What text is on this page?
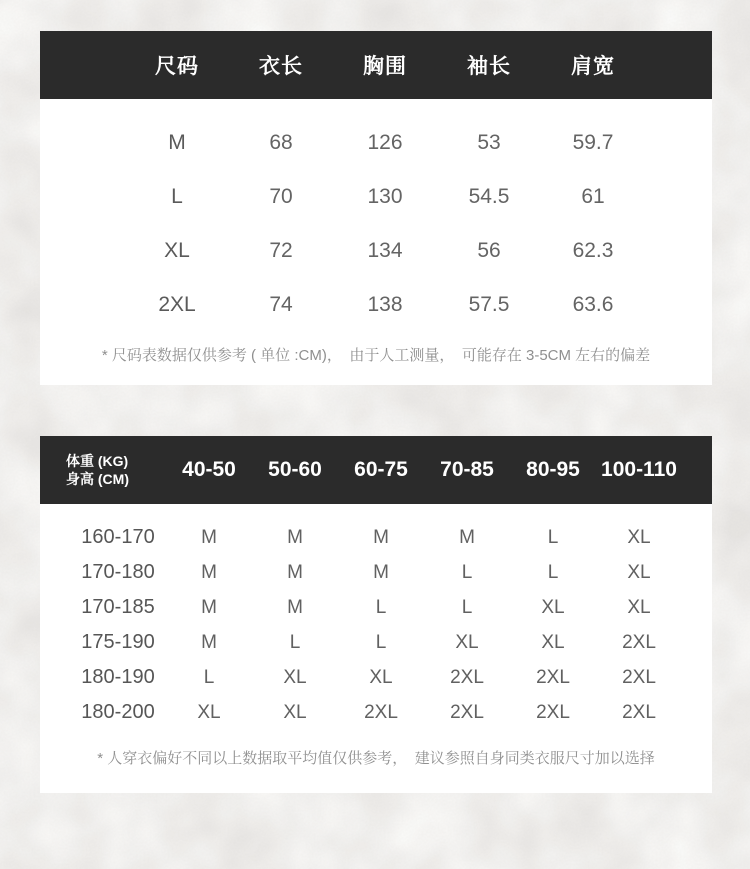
尺码	衣长	胸围	袖长	肩宽
M	68	126	53	59.7
L	70	130	54.5	61
XL	72	134	56	62.3
2XL	74	138	57.5	63.6
* 尺码表数据仅供参考 ( 单位 :CM)，　由于人工测量，　可能存在 3-5CM 左右的偏差
体重 (KG)
身高 (CM)	40-50	50-60	60-75	70-85	80-95	100-110
160-170	M	M	M	M	L	XL
170-180	M	M	M	L	L	XL
170-185	M	M	L	L	XL	XL
175-190	M	L	L	XL	XL	2XL
180-190	L	XL	XL	2XL	2XL	2XL
180-200	XL	XL	2XL	2XL	2XL	2XL
* 人穿衣偏好不同以上数据取平均值仅供参考，　建议参照自身同类衣服尺寸加以选择
